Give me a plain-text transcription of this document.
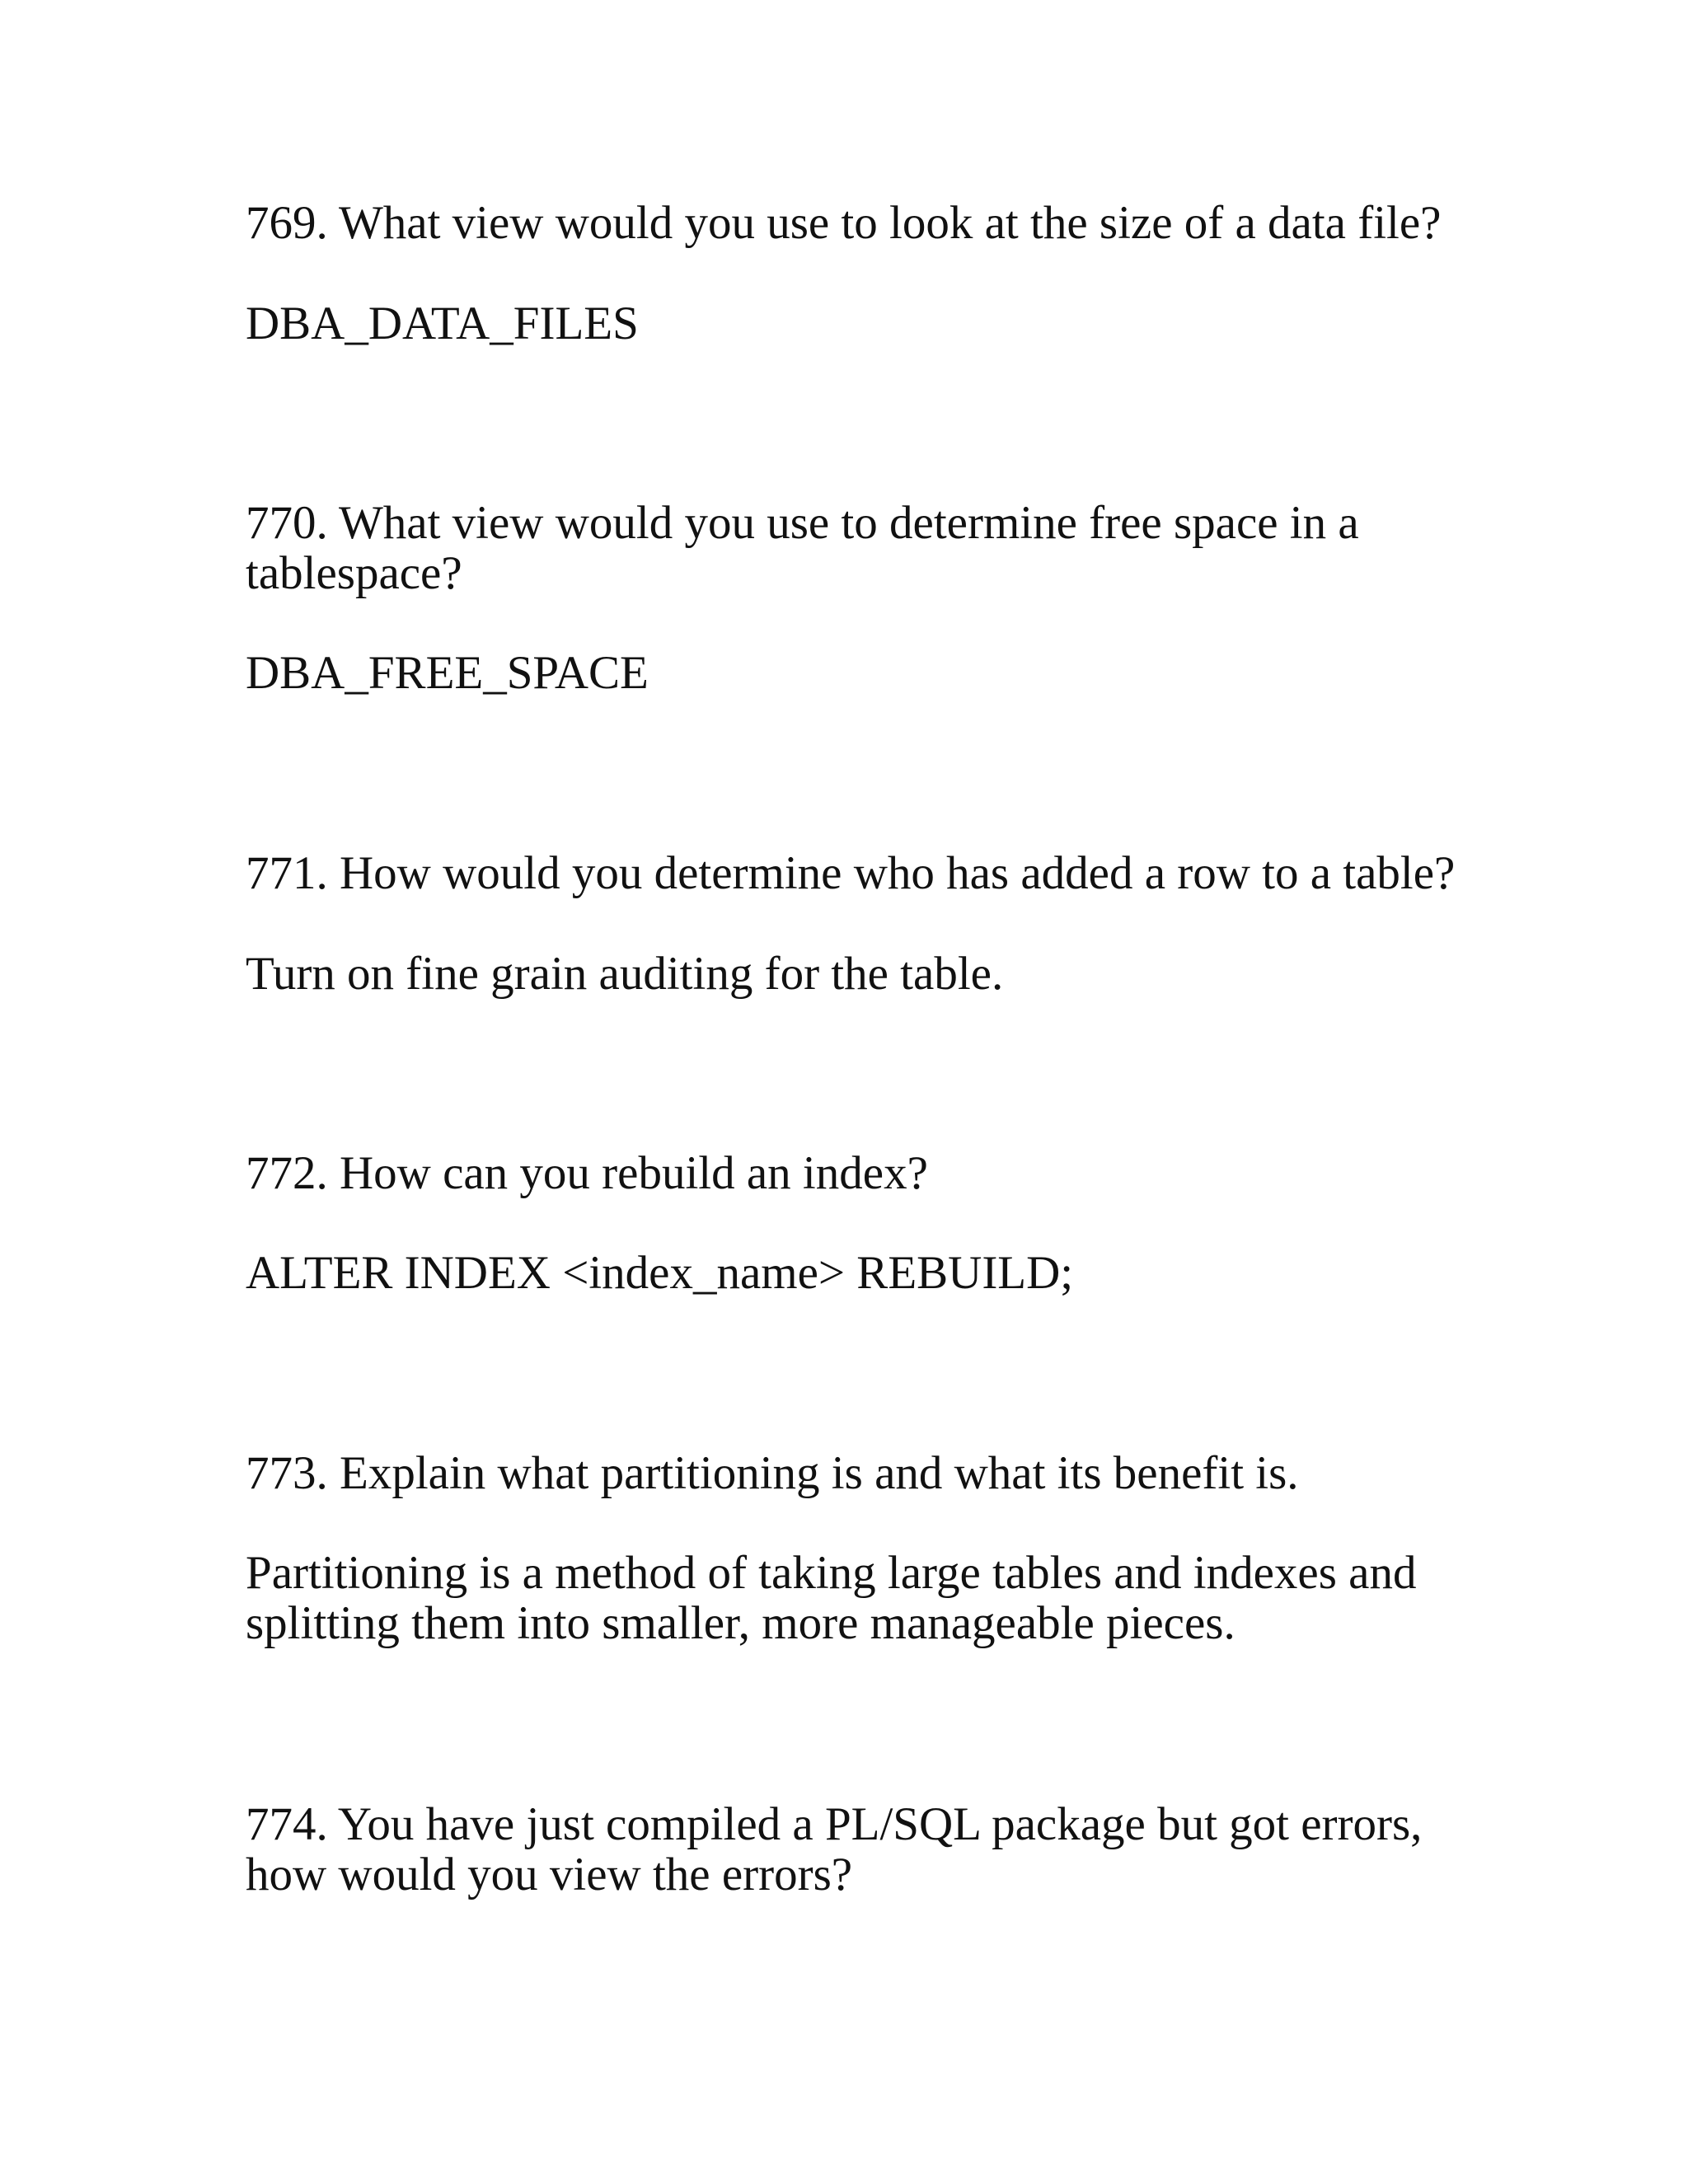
769. What view would you use to look at the size of a data file?

DBA_DATA_FILES

770. What view would you use to determine free space in a

tablespace?

DBA_FREE_SPACE

771. How would you determine who has added a row to a table?

Turn on fine grain auditing for the table.

772. How can you rebuild an index?

ALTER INDEX <index_name> REBUILD;

773. Explain what partitioning is and what its benefit is.

Partitioning is a method of taking large tables and indexes and

splitting them into smaller, more manageable pieces.

774. You have just compiled a PL/SQL package but got errors,

how would you view the errors?
